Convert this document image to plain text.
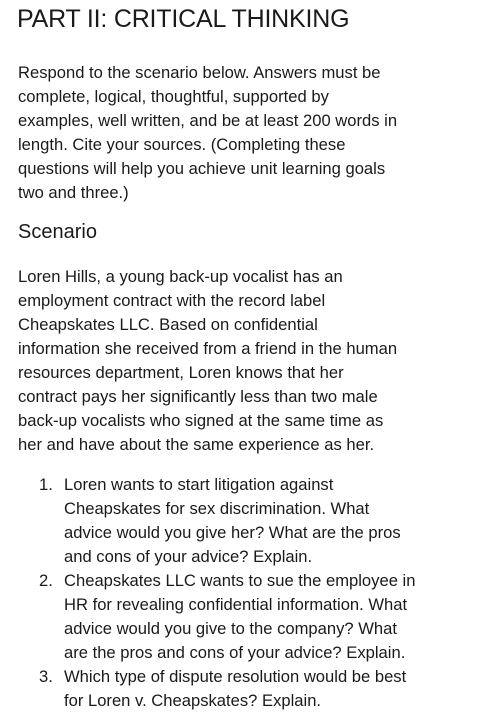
PART II: CRITICAL THINKING

Respond to the scenario below. Answers must be
complete, logical, thoughtful, supported by
examples, well written, and be at least 200 words in
length. Cite your sources. (Completing these
questions will help you achieve unit learning goals
two and three.)

Scenario

Loren Hills, a young back-up vocalist has an
employment contract with the record label
Cheapskates LLC. Based on confidential
information she received from a friend in the human
resources department, Loren knows that her
contract pays her significantly less than two male
back-up vocalists who signed at the same time as
her and have about the same experience as her.

1. Loren wants to start litigation against
Cheapskates for sex discrimination. What
advice would you give her? What are the pros
and cons of your advice? Explain.
2. Cheapskates LLC wants to sue the employee in
HR for revealing confidential information. What
advice would you give to the company? What
are the pros and cons of your advice? Explain.
3. Which type of dispute resolution would be best
for Loren v. Cheapskates? Explain.
